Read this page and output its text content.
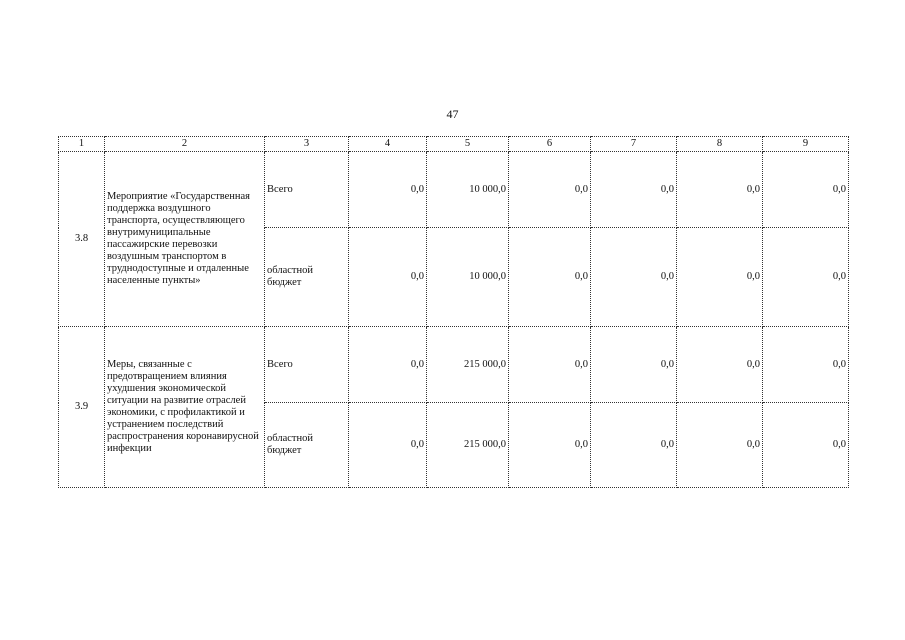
47
1	2	3	4	5	6	7	8	9
3.8	Мероприятие «Государственная поддержка воздушного транспорта, осуществляющего внутримуниципальные пассажирские перевозки воздушным транспортом в труднодоступные и отдаленные населенные пункты»	Всего	0,0	10 000,0	0,0	0,0	0,0	0,0
		областной бюджет	0,0	10 000,0	0,0	0,0	0,0	0,0
3.9	Меры, связанные с предотвращением влияния ухудшения экономической ситуации на развитие отраслей экономики, с профилактикой и устранением последствий распространения коронавирусной инфекции	Всего	0,0	215 000,0	0,0	0,0	0,0	0,0
		областной бюджет	0,0	215 000,0	0,0	0,0	0,0	0,0
